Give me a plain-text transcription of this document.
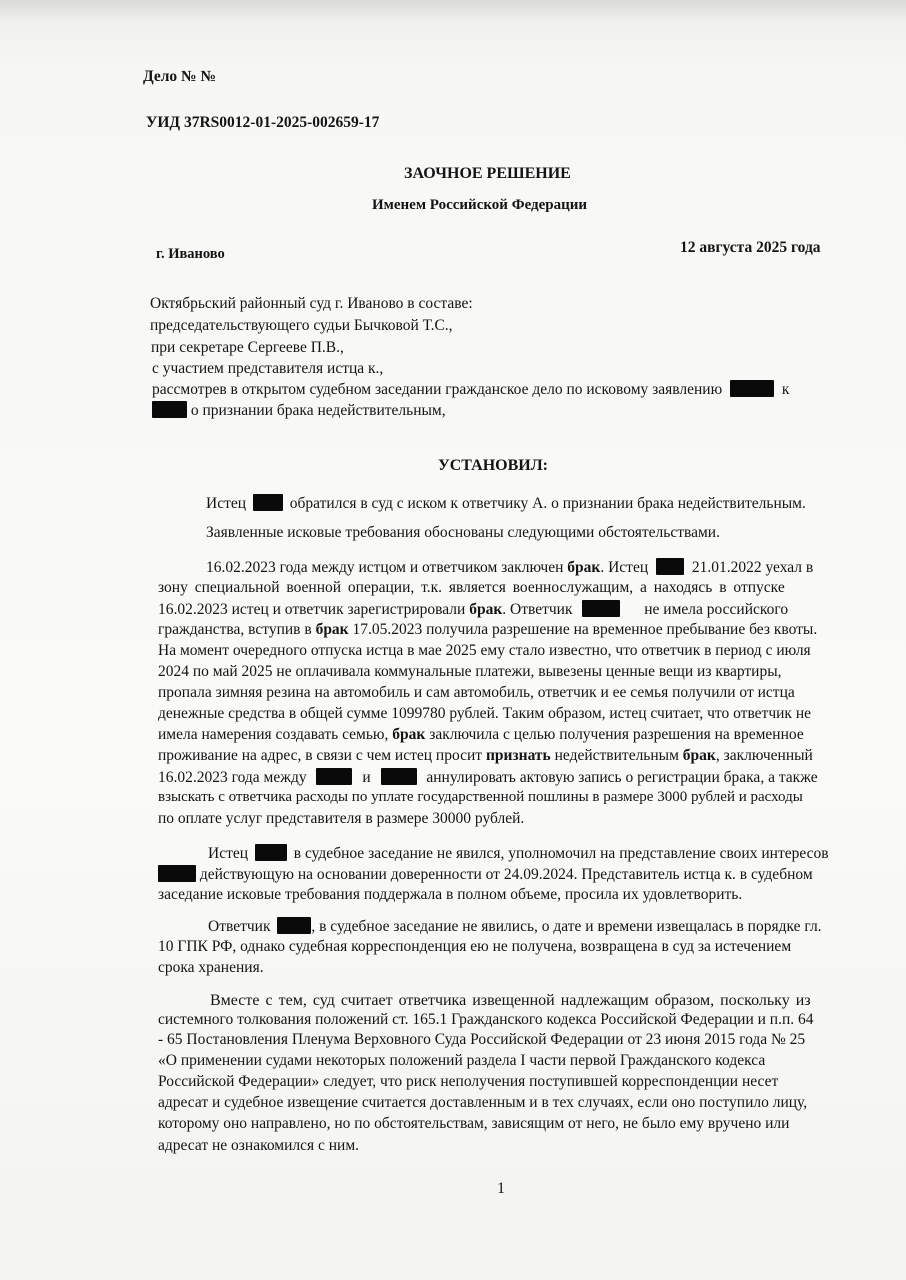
Дело № №
УИД 37RS0012-01-2025-002659-17
ЗАОЧНОЕ РЕШЕНИЕ
Именем Российской Федерации
г. Иваново	12 августа 2025 года
Октябрьский районный суд г. Иваново в составе:
председательствующего судьи Бычковой Т.С.,
при секретаре Сергееве П.В.,
с участием представителя истца к.,
рассмотрев в открытом судебном заседании гражданское дело по исковому заявлению	к
о признании брака недействительным,
УСТАНОВИЛ:
Истец	обратился в суд с иском к ответчику А. о признании брака недействительным.
Заявленные исковые требования обоснованы следующими обстоятельствами.
16.02.2023 года между истцом и ответчиком заключен брак. Истец	21.01.2022 уехал в
зону специальной военной операции, т.к. является военнослужащим, а находясь в отпуске
16.02.2023 истец и ответчик зарегистрировали брак. Ответчик	не имела российского
гражданства, вступив в брак 17.05.2023 получила разрешение на временное пребывание без квоты.
На момент очередного отпуска истца в мае 2025 ему стало известно, что ответчик в период с июля
2024 по май 2025 не оплачивала коммунальные платежи, вывезены ценные вещи из квартиры,
пропала зимняя резина на автомобиль и сам автомобиль, ответчик и ее семья получили от истца
денежные средства в общей сумме 1099780 рублей. Таким образом, истец считает, что ответчик не
имела намерения создавать семью, брак заключила с целью получения разрешения на временное
проживание на адрес, в связи с чем истец просит признать недействительным брак, заключенный
16.02.2023 года между	и	аннулировать актовую запись о регистрации брака, а также
взыскать с ответчика расходы по уплате государственной пошлины в размере 3000 рублей и расходы
по оплате услуг представителя в размере 30000 рублей.
Истец	в судебное заседание не явился, уполномочил на представление своих интересов
действующую на основании доверенности от 24.09.2024. Представитель истца к. в судебном
заседание исковые требования поддержала в полном объеме, просила их удовлетворить.
Ответчик	, в судебное заседание не явились, о дате и времени извещалась в порядке гл.
10 ГПК РФ, однако судебная корреспонденция ею не получена, возвращена в суд за истечением
срока хранения.
Вместе с тем, суд считает ответчика извещенной надлежащим образом, поскольку из
системного толкования положений ст. 165.1 Гражданского кодекса Российской Федерации и п.п. 64
- 65 Постановления Пленума Верховного Суда Российской Федерации от 23 июня 2015 года № 25
«О применении судами некоторых положений раздела I части первой Гражданского кодекса
Российской Федерации» следует, что риск неполучения поступившей корреспонденции несет
адресат и судебное извещение считается доставленным и в тех случаях, если оно поступило лицу,
которому оно направлено, но по обстоятельствам, зависящим от него, не было ему вручено или
адресат не ознакомился с ним.
1
